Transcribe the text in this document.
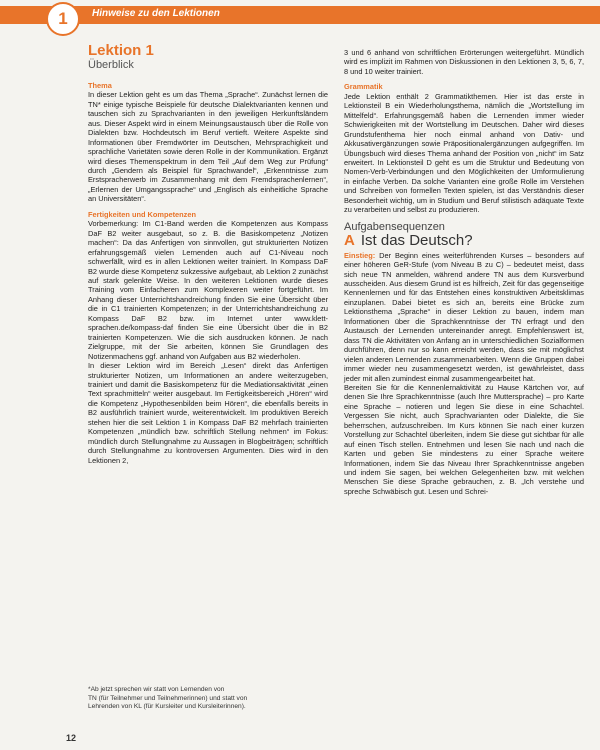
1	Hinweise zu den Lektionen
Lektion 1
Überblick
Thema

In dieser Lektion geht es um das Thema „Sprache“. Zunächst lernen die TN* einige typische Beispiele für deutsche Dialektvarianten kennen und tauschen sich zu Sprachvarianten in den jeweiligen Herkunftsländern aus. Dieser Aspekt wird in einem Meinungsaustausch über die Rolle von Dialekten bzw. Hochdeutsch im Beruf vertieft. Weitere Aspekte sind Informationen über Fremdwörter im Deutschen, Mehrsprachigkeit und sprachliche Varietäten sowie deren Rolle in der Kommunikation. Ergänzt wird dieses Themenspektrum in dem Teil „Auf dem Weg zur Prüfung“ durch „Gendern als Beispiel für Sprachwandel“, „Erkenntnisse zum Erstspracherwerb im Zusammenhang mit dem Fremdsprachenlernen“, „Erlernen der Umgangssprache“ und „Englisch als einheitliche Sprache an Universitäten“.

Fertigkeiten und Kompetenzen

Vorbemerkung: Im C1-Band werden die Kompetenzen aus Kompass DaF B2 weiter ausgebaut, so z. B. die Basiskompetenz „Notizen machen“: Da das Anfertigen von sinnvollen, gut strukturierten Notizen erfahrungsgemäß vielen Lernenden auch auf C1-Niveau noch schwerfällt, wird es in allen Lektionen weiter trainiert. In Kompass DaF B2 wurde diese Kompetenz sukzessive aufgebaut, ab Lektion 2 zunächst auf stark gelenkte Weise. In den weiteren Lektionen wurde dieses Training vom Einfacheren zum Komplexeren weiter fortgeführt. Im Anhang dieser Unterrichtshandreichung finden Sie eine Übersicht über die in C1 trainierten Kompetenzen; in der Unterrichtshandreichung zu Kompass DaF B2 bzw. im Internet unter www.klett-sprachen.de/kompass-daf finden Sie eine Übersicht über die in B2 trainierten Kompetenzen. Wie die sich ausdrucken können. Je nach Zielgruppe, mit der Sie arbeiten, können Sie Grundlagen des Notizenmachens ggf. anhand von Aufgaben aus B2 wiederholen.

In dieser Lektion wird im Bereich „Lesen“ direkt das Anfertigen strukturierter Notizen, um Informationen an andere weiterzugeben, trainiert und damit die Basiskompetenz für die Mediationsaktivität „einen Text sprachmitteln“ weiter ausgebaut. Im Fertigkeitsbereich „Hören“ wird die Kompetenz „Hypothesenbilden beim Hören“, die ebenfalls bereits in B2 ausführlich trainiert wurde, weiterentwickelt. Im produktiven Bereich stehen hier die seit Lektion 1 in Kompass DaF B2 mehrfach trainierten Kompetenzen „mündlich bzw. schriftlich Stellung nehmen“ im Fokus: mündlich durch Stellungnahme zu Aussagen in Blogbeiträgen; schriftlich durch Stellungnahme zu kontroversen Argumenten. Dies wird in den Lektionen 2,

*Ab jetzt sprechen wir statt von Lernenden von
TN (für Teilnehmer und Teilnehmerinnen) und statt von
Lehrenden von KL (für Kursleiter und Kursleiterinnen).

3 und 6 anhand von schriftlichen Erörterungen weitergeführt. Mündlich wird es implizit im Rahmen von Diskussionen in den Lektionen 3, 5, 6, 7, 8 und 10 weiter trainiert.

Grammatik

Jede Lektion enthält 2 Grammatikthemen. Hier ist das erste in Lektionsteil B ein Wiederholungsthema, nämlich die „Wortstellung im Mittelfeld“. Erfahrungsgemäß haben die Lernenden immer wieder Schwierigkeiten mit der Wortstellung im Deutschen. Daher wird dieses Grundstufenthema hier noch einmal anhand von Dativ- und Akkusativergänzungen sowie Präpositionalergänzungen aufgegriffen. Im Übungsbuch wird dieses Thema anhand der Position von „nicht“ im Satz erweitert. In Lektionsteil D geht es um die Struktur und Bedeutung von Nomen-Verb-Verbindungen und den Möglichkeiten der Umformulierung in einfache Verben. Da solche Varianten eine große Rolle im Verstehen und Schreiben von formellen Texten spielen, ist das Verständnis dieser Besonderheit wichtig, um in Studium und Beruf stilistisch adäquate Texte zu verarbeiten und selbst zu produzieren.

Aufgabensequenzen
A Ist das Deutsch?

Einstieg: Der Beginn eines weiterführenden Kurses – besonders auf einer höheren GeR-Stufe (vom Niveau B zu C) – bedeutet meist, dass sich neue TN anmelden, während andere TN aus dem Kursverbund ausscheiden. Aus diesem Grund ist es hilfreich, Zeit für das gegenseitige Kennenlernen und für das Entstehen eines konstruktiven Arbeitsklimas einzuplanen. Dabei bietet es sich an, bereits eine Brücke zum Lektionsthema „Sprache“ in dieser Lektion zu bauen, indem man Informationen über die Sprachkenntnisse der TN erfragt und den Austausch der Lernenden untereinander anregt. Empfehlenswert ist, dass TN die Aktivitäten von Anfang an in unterschiedlichen Sozialformen durchführen, denn nur so kann erreicht werden, dass sie mit möglichst vielen anderen Lernenden zusammenarbeiten. Wenn die Gruppen dabei immer wieder neu zusammengesetzt werden, ist gewährleistet, dass jeder mit allen zumindest einmal zusammengearbeitet hat.

Bereiten Sie für die Kennenlernaktivität zu Hause Kärtchen vor, auf denen Sie Ihre Sprachkenntnisse (auch Ihre Muttersprache) – pro Karte eine Sprache – notieren und legen Sie diese in eine Schachtel. Vergessen Sie nicht, auch Sprachvarianten oder Dialekte, die Sie beherrschen, aufzuschreiben. Im Kurs können Sie nach einer kurzen Vorstellung zur Schachtel überleiten, indem Sie diese gut sichtbar für alle auf einen Tisch stellen. Entnehmen und lesen Sie nach und nach die Karten und geben Sie mindestens zu einer Sprache weitere Informationen, indem Sie das Niveau Ihrer Sprachkenntnisse angeben und indem Sie sagen, bei welchen Gelegenheiten bzw. mit welchen Menschen Sie diese Sprache gebrauchen, z. B. „Ich verstehe und spreche Schwäbisch gut. Lesen und Schrei-

12
